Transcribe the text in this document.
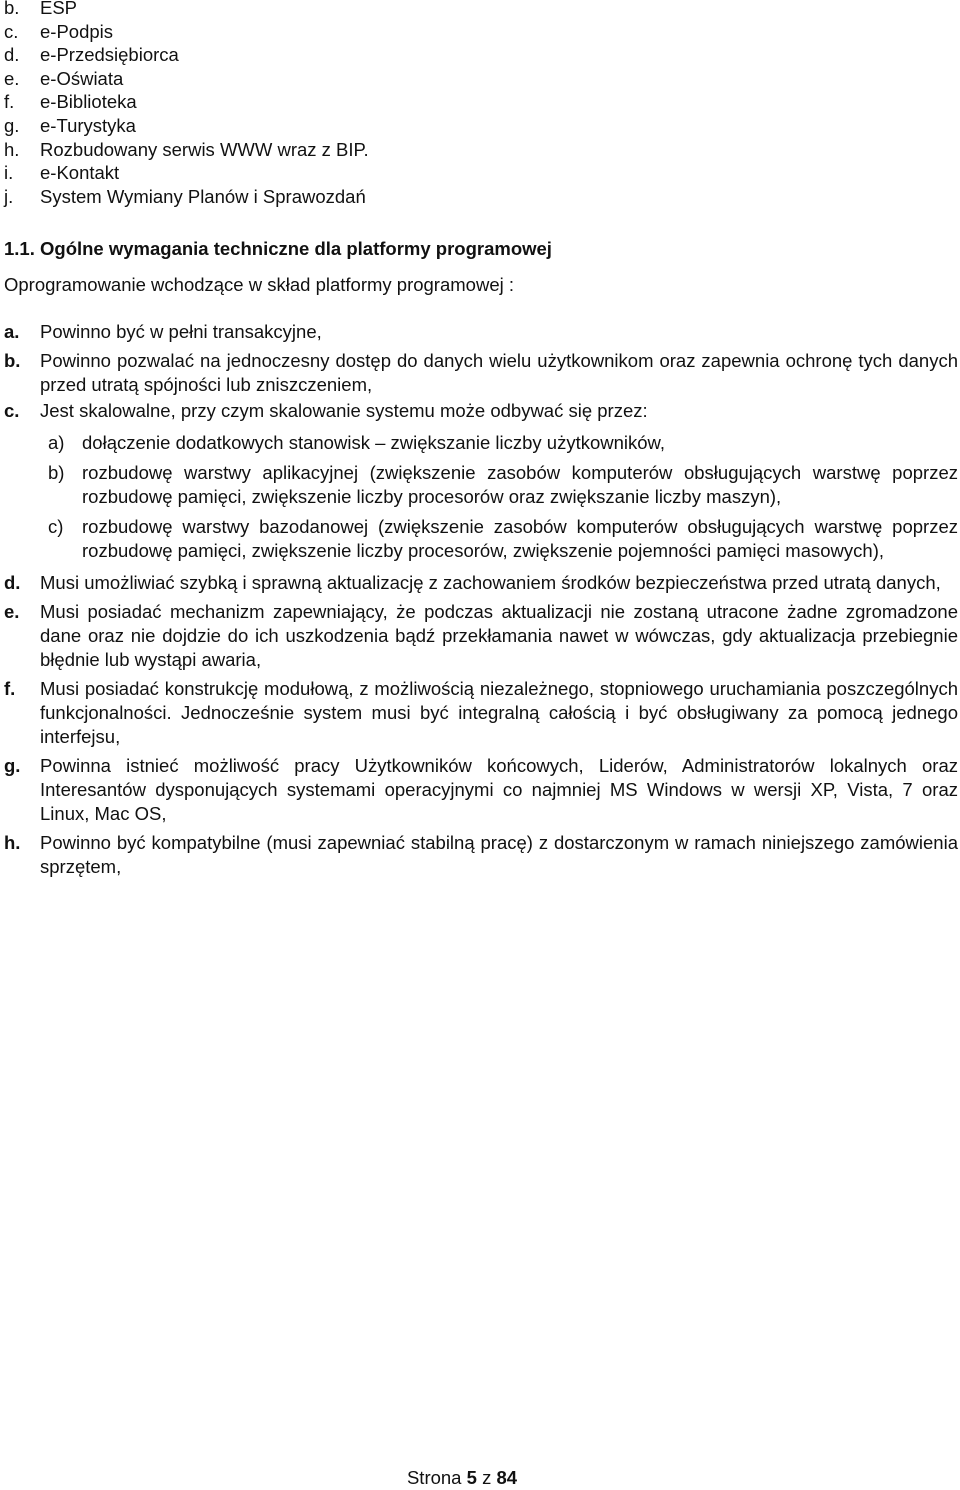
b.	ESP
c.	e-Podpis
d.	e-Przedsiębiorca
e.	e-Oświata
f.	e-Biblioteka
g.	e-Turystyka
h.	Rozbudowany serwis WWW wraz z BIP.
i.	e-Kontakt
j.	System Wymiany Planów i Sprawozdań
1.1. Ogólne wymagania techniczne dla platformy programowej
Oprogramowanie wchodzące w skład platformy programowej :
a.	Powinno być w pełni transakcyjne,
b.	Powinno pozwalać na jednoczesny dostęp do danych wielu użytkownikom oraz zapewnia ochronę tych danych przed utratą spójności lub zniszczeniem,
c.	Jest skalowalne, przy czym skalowanie systemu może odbywać się przez:
a) dołączenie dodatkowych stanowisk – zwiększanie liczby użytkowników,
b) rozbudowę warstwy aplikacyjnej (zwiększenie zasobów komputerów obsługujących warstwę poprzez rozbudowę pamięci, zwiększenie liczby procesorów oraz zwiększanie liczby maszyn),
c)	rozbudowę warstwy bazodanowej (zwiększenie zasobów komputerów obsługujących warstwę poprzez rozbudowę pamięci, zwiększenie liczby procesorów, zwiększenie pojemności pamięci masowych),
d.	Musi umożliwiać szybką i sprawną aktualizację z zachowaniem środków bezpieczeństwa przed utratą danych,
e.	Musi posiadać mechanizm zapewniający, że podczas aktualizacji nie zostaną utracone żadne zgromadzone dane oraz nie dojdzie do ich uszkodzenia bądź przekłamania nawet w wówczas, gdy aktualizacja przebiegnie błędnie lub wystąpi awaria,
f.	Musi posiadać konstrukcję modułową, z możliwością niezależnego, stopniowego uruchamiania poszczególnych funkcjonalności. Jednocześnie system musi być integralną całością i być obsługiwany za pomocą jednego interfejsu,
g.	Powinna istnieć możliwość pracy Użytkowników końcowych, Liderów, Administratorów lokalnych oraz Interesantów dysponujących systemami operacyjnymi co najmniej MS Windows w wersji XP, Vista, 7 oraz Linux, Mac OS,
h.	Powinno być kompatybilne (musi zapewniać stabilną pracę) z dostarczonym w ramach niniejszego zamówienia sprzętem,
Strona 5 z 84
